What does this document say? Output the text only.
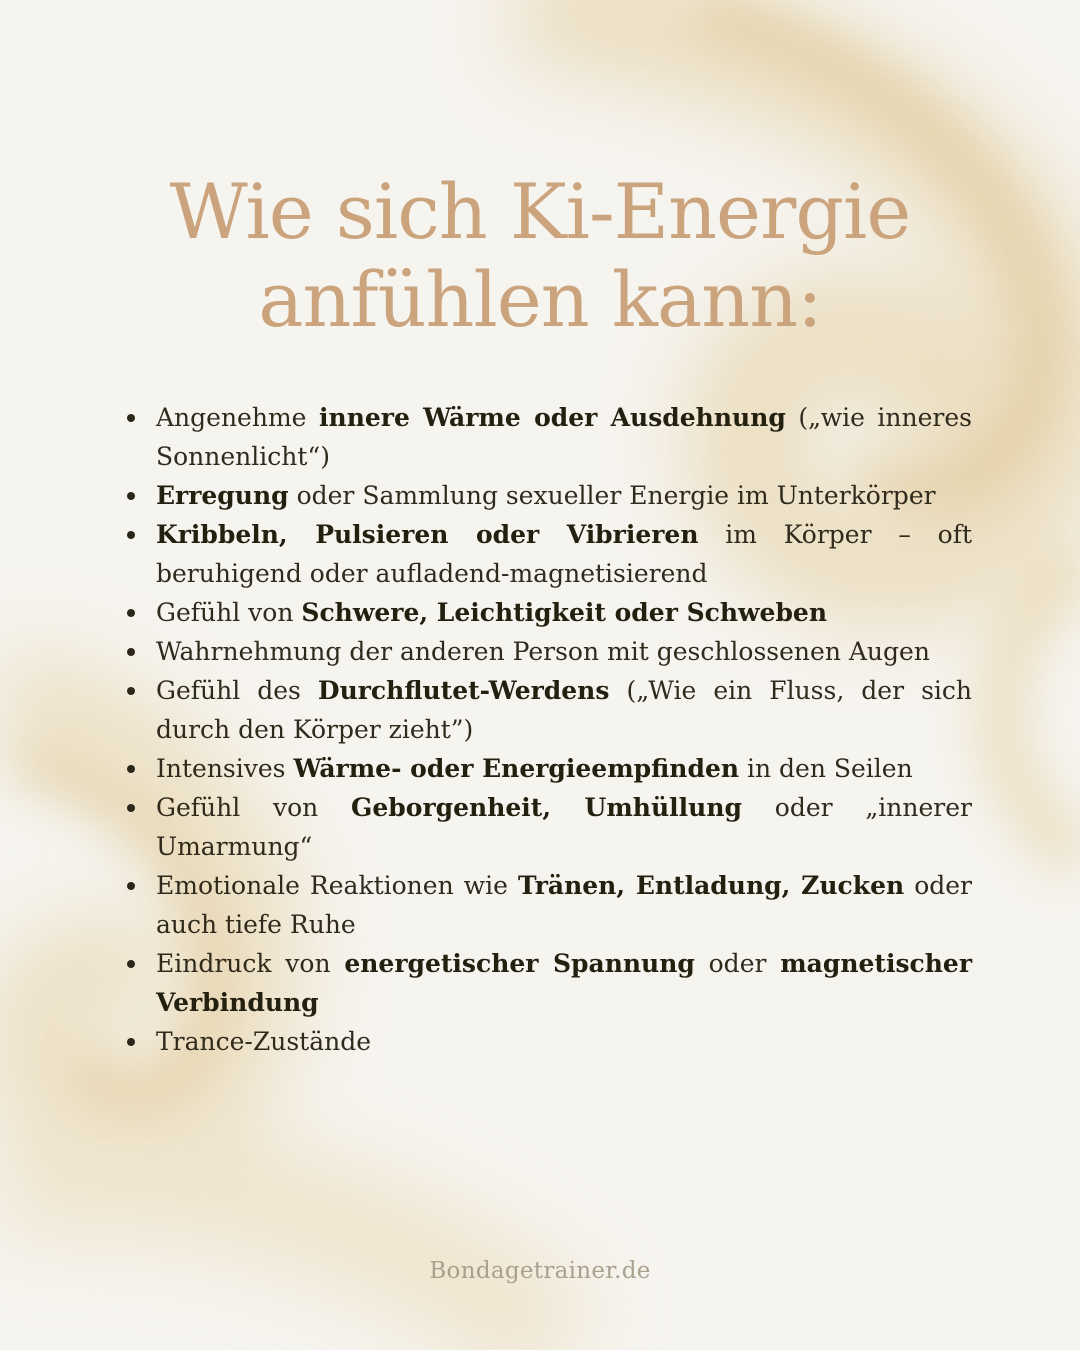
Wie sich Ki-Energie
anfühlen kann:
Angenehme innere Wärme oder Ausdehnung („wie inneres Sonnenlicht“)
Erregung oder Sammlung sexueller Energie im Unterkörper
Kribbeln, Pulsieren oder Vibrieren im Körper – oft beruhigend oder aufladend-magnetisierend
Gefühl von Schwere, Leichtigkeit oder Schweben
Wahrnehmung der anderen Person mit geschlossenen Augen
Gefühl des Durchflutet-Werdens („Wie ein Fluss, der sich durch den Körper zieht”)
Intensives Wärme- oder Energieempfinden in den Seilen
Gefühl von Geborgenheit, Umhüllung oder „innerer Umarmung“
Emotionale Reaktionen wie Tränen, Entladung, Zucken oder auch tiefe Ruhe
Eindruck von energetischer Spannung oder magnetischer Verbindung
Trance-Zustände
Bondagetrainer.de
